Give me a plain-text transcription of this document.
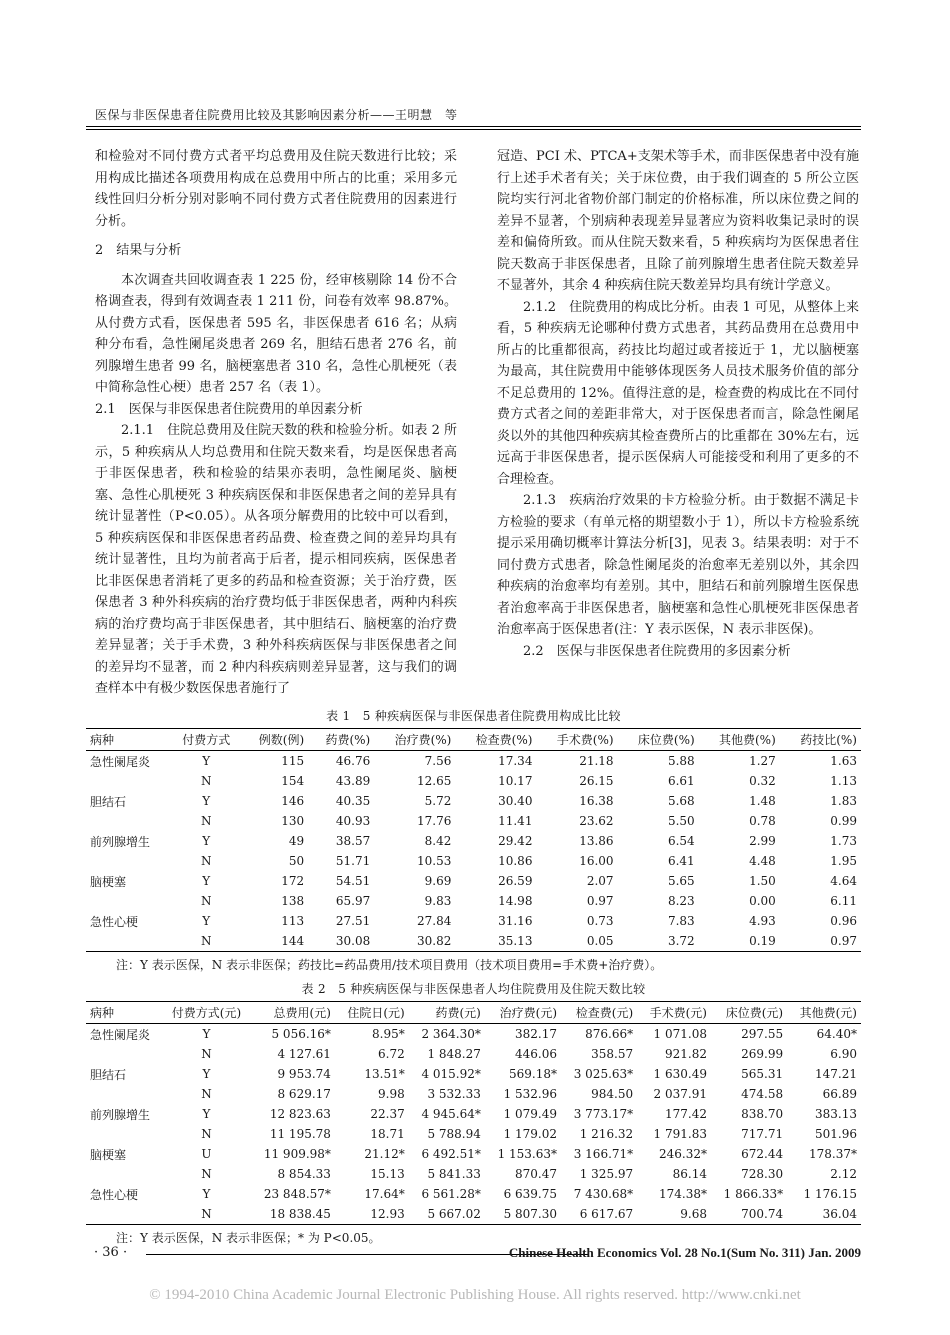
医保与非医保患者住院费用比较及其影响因素分析——王明慧　等

和检验对不同付费方式者平均总费用及住院天数进行比较；采用构成比描述各项费用构成在总费用中所占的比重；采用多元线性回归分析分别对影响不同付费方式者住院费用的因素进行分析。

2　结果与分析

本次调查共回收调查表 1 225 份，经审核剔除 14 份不合格调查表，得到有效调查表 1 211 份，问卷有效率 98.87%。从付费方式看，医保患者 595 名，非医保患者 616 名；从病种分布看，急性阑尾炎患者 269 名，胆结石患者 276 名，前列腺增生患者 99 名，脑梗塞患者 310 名，急性心肌梗死（表中简称急性心梗）患者 257 名（表 1）。

2.1　医保与非医保患者住院费用的单因素分析

2.1.1　住院总费用及住院天数的秩和检验分析。如表 2 所示，5 种疾病从人均总费用和住院天数来看，均是医保患者高于非医保患者，秩和检验的结果亦表明，急性阑尾炎、脑梗塞、急性心肌梗死 3 种疾病医保和非医保患者之间的差异具有统计显著性（P<0.05）。从各项分解费用的比较中可以看到，5 种疾病医保和非医保患者药品费、检查费之间的差异均具有统计显著性，且均为前者高于后者，提示相同疾病，医保患者比非医保患者消耗了更多的药品和检查资源；关于治疗费，医保患者 3 种外科疾病的治疗费均低于非医保患者，两种内科疾病的治疗费均高于非医保患者，其中胆结石、脑梗塞的治疗费差异显著；关于手术费，3 种外科疾病医保与非医保患者之间的差异均不显著，而 2 种内科疾病则差异显著，这与我们的调查样本中有极少数医保患者施行了

冠造、PCI 术、PTCA+支架术等手术，而非医保患者中没有施行上述手术者有关；关于床位费，由于我们调查的 5 所公立医院均实行河北省物价部门制定的价格标准，所以床位费之间的差异不显著，个别病种表现差异显著应为资料收集记录时的误差和偏倚所致。而从住院天数来看，5 种疾病均为医保患者住院天数高于非医保患者，且除了前列腺增生患者住院天数差异不显著外，其余 4 种疾病住院天数差异均具有统计学意义。

2.1.2　住院费用的构成比分析。由表 1 可见，从整体上来看，5 种疾病无论哪种付费方式患者，其药品费用在总费用中所占的比重都很高，药技比均超过或者接近于 1，尤以脑梗塞为最高，其住院费用中能够体现医务人员技术服务价值的部分不足总费用的 12%。值得注意的是，检查费的构成比在不同付费方式者之间的差距非常大，对于医保患者而言，除急性阑尾炎以外的其他四种疾病其检查费所占的比重都在 30%左右，远远高于非医保患者，提示医保病人可能接受和利用了更多的不合理检查。

2.1.3　疾病治疗效果的卡方检验分析。由于数据不满足卡方检验的要求（有单元格的期望数小于 1），所以卡方检验系统提示采用确切概率计算法分析[3]，见表 3。结果表明：对于不同付费方式患者，除急性阑尾炎的治愈率无差别以外，其余四种疾病的治愈率均有差别。其中，胆结石和前列腺增生医保患者治愈率高于非医保患者，脑梗塞和急性心肌梗死非医保患者治愈率高于医保患者(注：Y 表示医保，N 表示非医保)。

2.2　医保与非医保患者住院费用的多因素分析

表 1　5 种疾病医保与非医保患者住院费用构成比比较
病种	付费方式	例数(例)	药费(%)	治疗费(%)	检查费(%)	手术费(%)	床位费(%)	其他费(%)	药技比(%)
急性阑尾炎	Y	115	46.76	7.56	17.34	21.18	5.88	1.27	1.63
	N	154	43.89	12.65	10.17	26.15	6.61	0.32	1.13
胆结石	Y	146	40.35	5.72	30.40	16.38	5.68	1.48	1.83
	N	130	40.93	17.76	11.41	23.62	5.50	0.78	0.99
前列腺增生	Y	49	38.57	8.42	29.42	13.86	6.54	2.99	1.73
	N	50	51.71	10.53	10.86	16.00	6.41	4.48	1.95
脑梗塞	Y	172	54.51	9.69	26.59	2.07	5.65	1.50	4.64
	N	138	65.97	9.83	14.98	0.97	8.23	0.00	6.11
急性心梗	Y	113	27.51	27.84	31.16	0.73	7.83	4.93	0.96
	N	144	30.08	30.82	35.13	0.05	3.72	0.19	0.97
注：Y 表示医保，N 表示非医保；药技比=药品费用/技术项目费用（技术项目费用=手术费+治疗费）。
表 2　5 种疾病医保与非医保患者人均住院费用及住院天数比较
病种	付费方式(元)	总费用(元)	住院日(元)	药费(元)	治疗费(元)	检查费(元)	手术费(元)	床位费(元)	其他费(元)
急性阑尾炎	Y	5 056.16*	8.95*	2 364.30*	382.17	876.66*	1 071.08	297.55	64.40*
	N	4 127.61	6.72	1 848.27	446.06	358.57	921.82	269.99	6.90
胆结石	Y	9 953.74	13.51*	4 015.92*	569.18*	3 025.63*	1 630.49	565.31	147.21
	N	8 629.17	9.98	3 532.33	1 532.96	984.50	2 037.91	474.58	66.89
前列腺增生	Y	12 823.63	22.37	4 945.64*	1 079.49	3 773.17*	177.42	838.70	383.13
	N	11 195.78	18.71	5 788.94	1 179.02	1 216.32	1 791.83	717.71	501.96
脑梗塞	U	11 909.98*	21.12*	6 492.51*	1 153.63*	3 166.71*	246.32*	672.44	178.37*
	N	8 854.33	15.13	5 841.33	870.47	1 325.97	86.14	728.30	2.12
急性心梗	Y	23 848.57*	17.64*	6 561.28*	6 639.75	7 430.68*	174.38*	1 866.33*	1 176.15
	N	18 838.45	12.93	5 667.02	5 807.30	6 617.67	9.68	700.74	36.04
注：Y 表示医保，N 表示非医保；* 为 P<0.05。
· 36 ·	Chinese Health Economics Vol. 28 No.1(Sum No. 311) Jan. 2009
© 1994-2010 China Academic Journal Electronic Publishing House. All rights reserved. http://www.cnki.net
